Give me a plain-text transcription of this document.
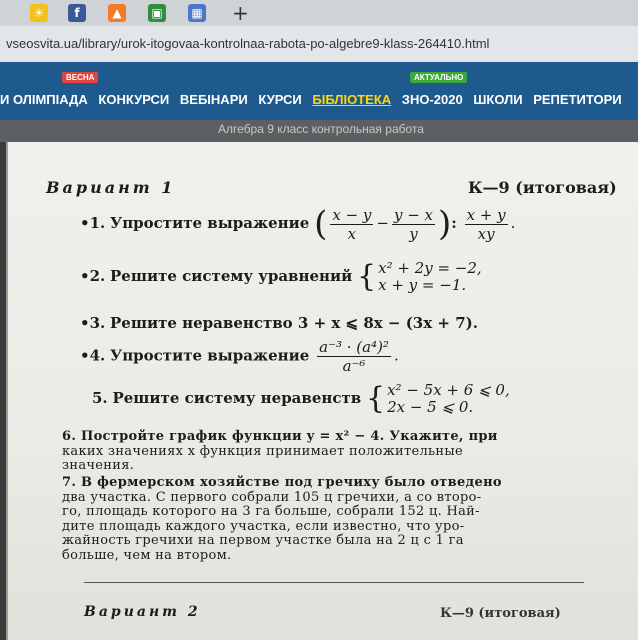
☀	f	▲	▣ ▦ +
vseosvita.ua/library/urok-itogovaa-kontrolnaa-rabota-po-algebre9-klass-264410.html
ВЕСНА	АКТУАЛЬНО
И ОЛІМПІАДА КОНКУРСИ ВЕБІНАРИ КУРСИ БІБЛІОТЕКА ЗНО-2020 ШКОЛИ РЕПЕТИТОРИ
Алгебра 9 класс контрольная работа
Вариант 1	К—9 (итоговая)
•1. Упростите выражение ( $\frac{x - y}{x} - \frac{y - x}{y}$ ): $\frac{x + y}{xy}$ .
•2. Решите систему уравнений { x² + 2y = −2,
x + y = −1.
•3. Решите неравенство 3 + x ⩽ 8x − (3x + 7).
•4. Упростите выражение $\frac{\text{a⁻³ · (a⁴)²}}{\text{a⁻⁶}}$ .
5. Решите систему неравенств { x² − 5x + 6 ⩽ 0,
2x − 5 ⩽ 0.
6. Постройте график функции y = x² − 4. Укажите, при
каких значениях x функция принимает положительные
значения.
7. В фермерском хозяйстве под гречиху было отведено
два участка. С первого собрали 105 ц гречихи, а со второ-
го, площадь которого на 3 га больше, собрали 152 ц. Най-
дите площадь каждого участка, если известно, что уро-
жайность гречихи на первом участке была на 2 ц с 1 га
больше, чем на втором.
Вариант 2	К—9 (итоговая)
